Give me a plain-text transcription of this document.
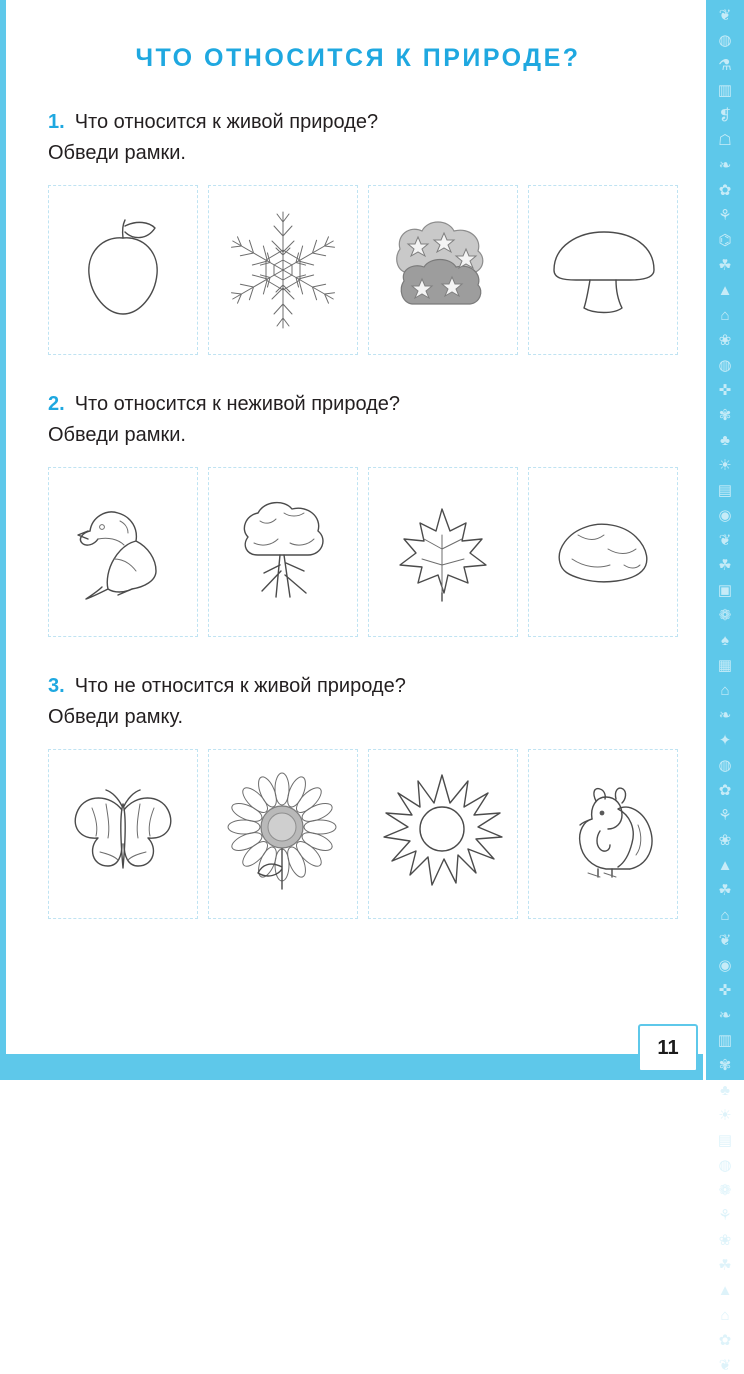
❦
◍
⚗
▥
❡
☖
❧
✿
⚘
⌬
☘
▲
⌂
❀
◍
✜
✾
♣
☀
▤
◉
❦
☘
▣
❁
♠
▦
⌂
❧
✦
◍
✿
⚘
❀
▲
☘
⌂
❦
◉
✜
❧
▥
✾
♣
☀
▤
◍
❁
⚘
❀
☘
▲
⌂
✿
❦
11
ЧТО ОТНОСИТСЯ К ПРИРОДЕ?
1. Что относится к живой природе?
Обведи рамки.
2. Что относится к неживой природе?
Обведи рамки.
3. Что не относится к живой природе?
Обведи рамку.
